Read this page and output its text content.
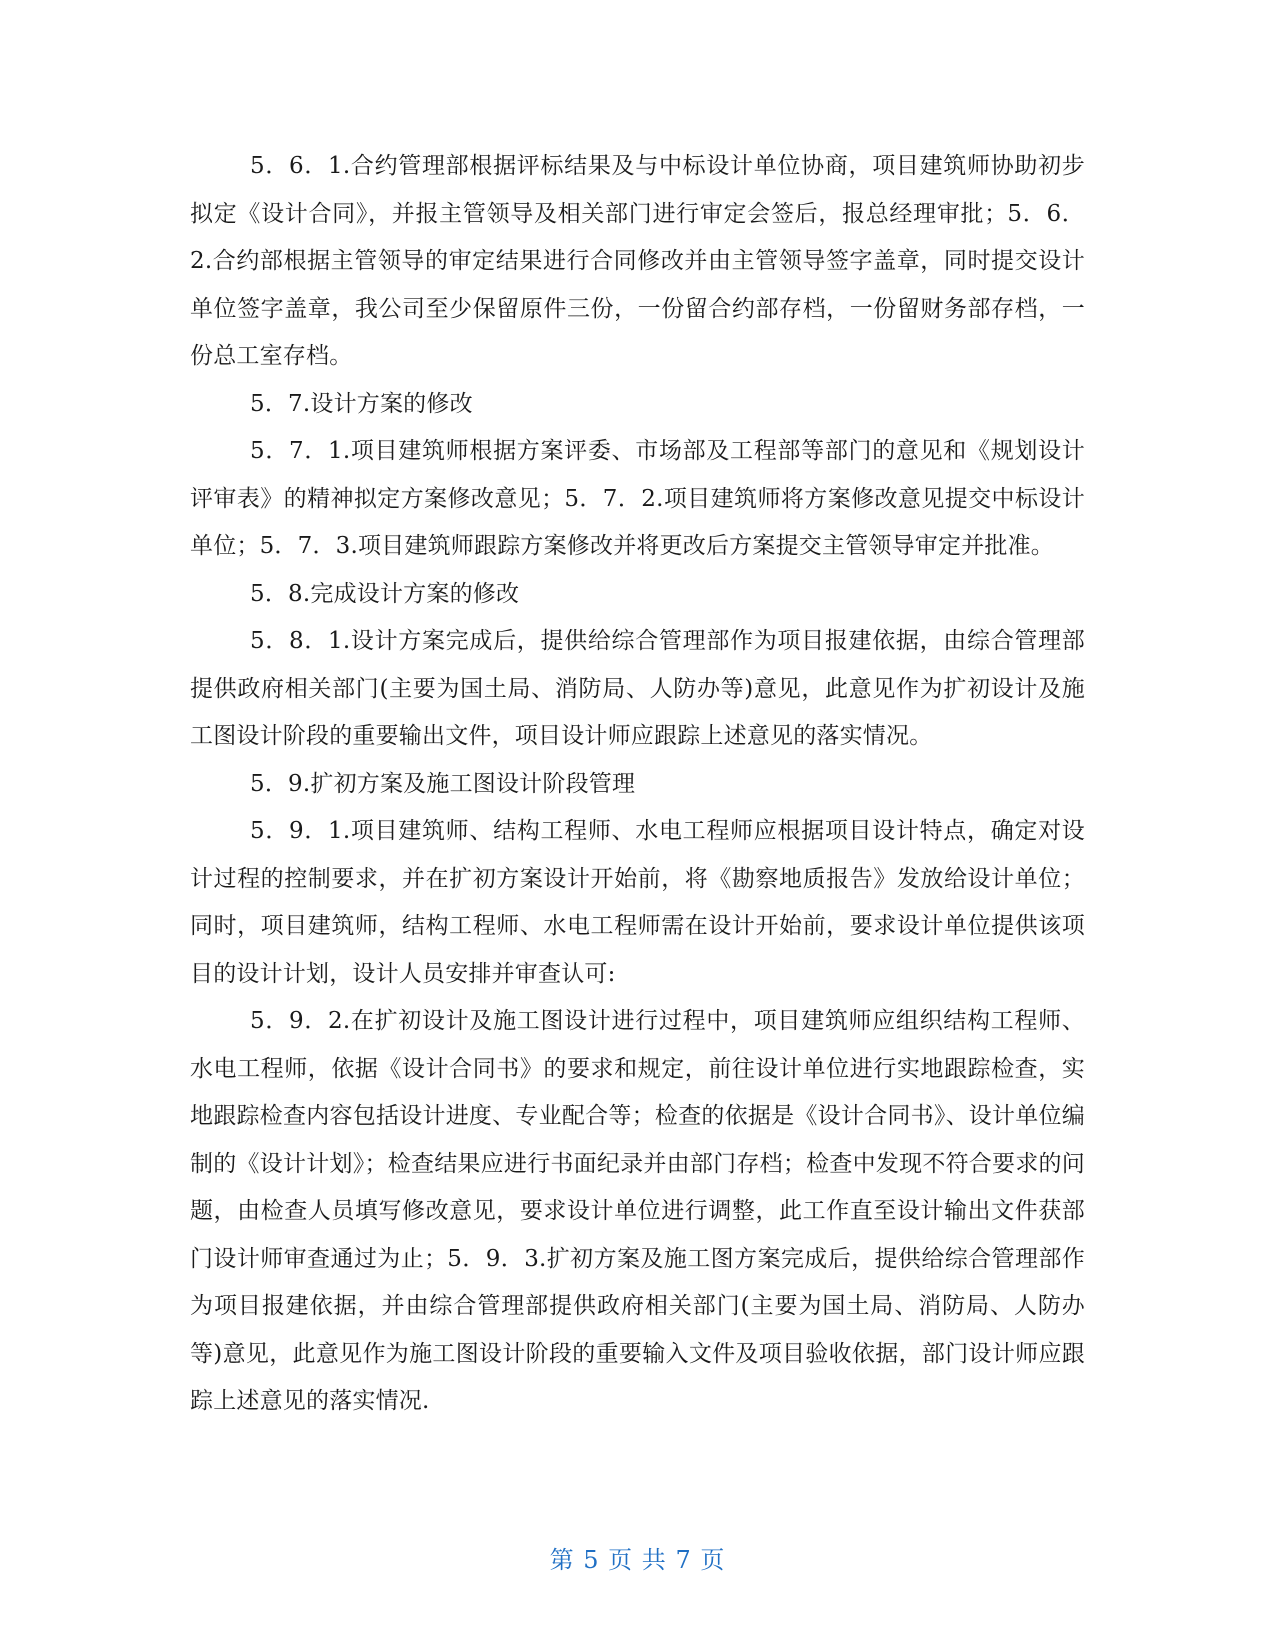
5．6．1.合约管理部根据评标结果及与中标设计单位协商，项目建筑师协助初步拟定《设计合同》，并报主管领导及相关部门进行审定会签后，报总经理审批；5．6．2.合约部根据主管领导的审定结果进行合同修改并由主管领导签字盖章，同时提交设计单位签字盖章，我公司至少保留原件三份，一份留合约部存档，一份留财务部存档，一份总工室存档。

5．7.设计方案的修改

5．7．1.项目建筑师根据方案评委、市场部及工程部等部门的意见和《规划设计评审表》的精神拟定方案修改意见；5．7．2.项目建筑师将方案修改意见提交中标设计单位；5．7．3.项目建筑师跟踪方案修改并将更改后方案提交主管领导审定并批准。

5．8.完成设计方案的修改

5．8．1.设计方案完成后，提供给综合管理部作为项目报建依据，由综合管理部提供政府相关部门(主要为国土局、消防局、人防办等)意见，此意见作为扩初设计及施工图设计阶段的重要输出文件，项目设计师应跟踪上述意见的落实情况。

5．9.扩初方案及施工图设计阶段管理

5．9．1.项目建筑师、结构工程师、水电工程师应根据项目设计特点，确定对设计过程的控制要求，并在扩初方案设计开始前，将《勘察地质报告》发放给设计单位；同时，项目建筑师，结构工程师、水电工程师需在设计开始前，要求设计单位提供该项目的设计计划，设计人员安排并审查认可:

5．9．2.在扩初设计及施工图设计进行过程中，项目建筑师应组织结构工程师、水电工程师，依据《设计合同书》的要求和规定，前往设计单位进行实地跟踪检查，实地跟踪检查内容包括设计进度、专业配合等；检查的依据是《设计合同书》、设计单位编制的《设计计划》；检查结果应进行书面纪录并由部门存档；检查中发现不符合要求的问题，由检查人员填写修改意见，要求设计单位进行调整，此工作直至设计输出文件获部门设计师审查通过为止；5．9．3.扩初方案及施工图方案完成后，提供给综合管理部作为项目报建依据，并由综合管理部提供政府相关部门(主要为国土局、消防局、人防办等)意见，此意见作为施工图设计阶段的重要输入文件及项目验收依据，部门设计师应跟踪上述意见的落实情况.

第 5 页 共 7 页
